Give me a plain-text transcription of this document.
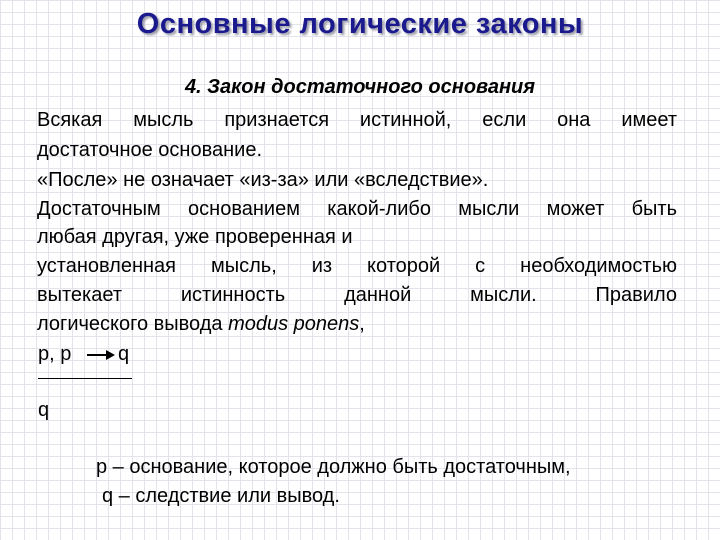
Основные логические законы
4. Закон достаточного основания
Всякая мысль признается истинной, если она имеет
достаточное основание.
«После» не означает «из-за» или «вследствие».
Достаточным основанием какой-либо мысли может быть
любая другая, уже проверенная и
установленная мысль, из которой с необходимостью
вытекает истинность данной мысли. Правило
логического вывода modus ponens,
p, p	q
q
p – основание, которое должно быть достаточным,
q – следствие или вывод.
